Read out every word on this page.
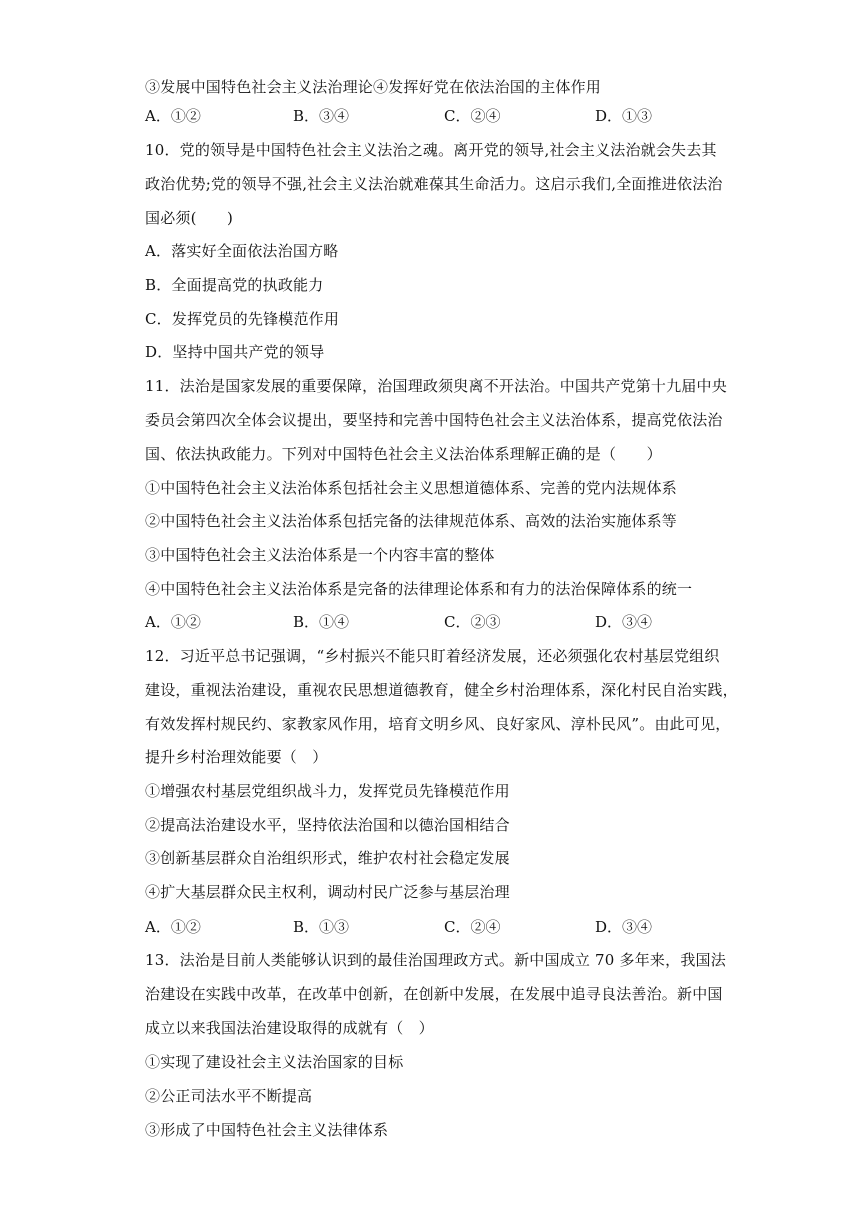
③发展中国特色社会主义法治理论④发挥好党在依法治国的主体作用
A．①②	B．③④	C．②④	D．①③
10．党的领导是中国特色社会主义法治之魂。离开党的领导,社会主义法治就会失去其
政治优势;党的领导不强,社会主义法治就难葆其生命活力。这启示我们,全面推进依法治
国必须(　　)
A．落实好全面依法治国方略
B．全面提高党的执政能力
C．发挥党员的先锋模范作用
D．坚持中国共产党的领导
11．法治是国家发展的重要保障，治国理政须臾离不开法治。中国共产党第十九届中央
委员会第四次全体会议提出，要坚持和完善中国特色社会主义法治体系，提高党依法治
国、依法执政能力。下列对中国特色社会主义法治体系理解正确的是（　　）
①中国特色社会主义法治体系包括社会主义思想道德体系、完善的党内法规体系
②中国特色社会主义法治体系包括完备的法律规范体系、高效的法治实施体系等
③中国特色社会主义法治体系是一个内容丰富的整体
④中国特色社会主义法治体系是完备的法律理论体系和有力的法治保障体系的统一
A．①②	B．①④	C．②③	D．③④
12．习近平总书记强调，“乡村振兴不能只盯着经济发展，还必须强化农村基层党组织
建设，重视法治建设，重视农民思想道德教育，健全乡村治理体系，深化村民自治实践，
有效发挥村规民约、家教家风作用，培育文明乡风、良好家风、淳朴民风”。由此可见，
提升乡村治理效能要（　）
①增强农村基层党组织战斗力，发挥党员先锋模范作用
②提高法治建设水平，坚持依法治国和以德治国相结合
③创新基层群众自治组织形式，维护农村社会稳定发展
④扩大基层群众民主权利，调动村民广泛参与基层治理
A．①②	B．①③	C．②④	D．③④
13．法治是目前人类能够认识到的最佳治国理政方式。新中国成立 70 多年来，我国法
治建设在实践中改革，在改革中创新，在创新中发展，在发展中追寻良法善治。新中国
成立以来我国法治建设取得的成就有（　）
①实现了建设社会主义法治国家的目标
②公正司法水平不断提高
③形成了中国特色社会主义法律体系
